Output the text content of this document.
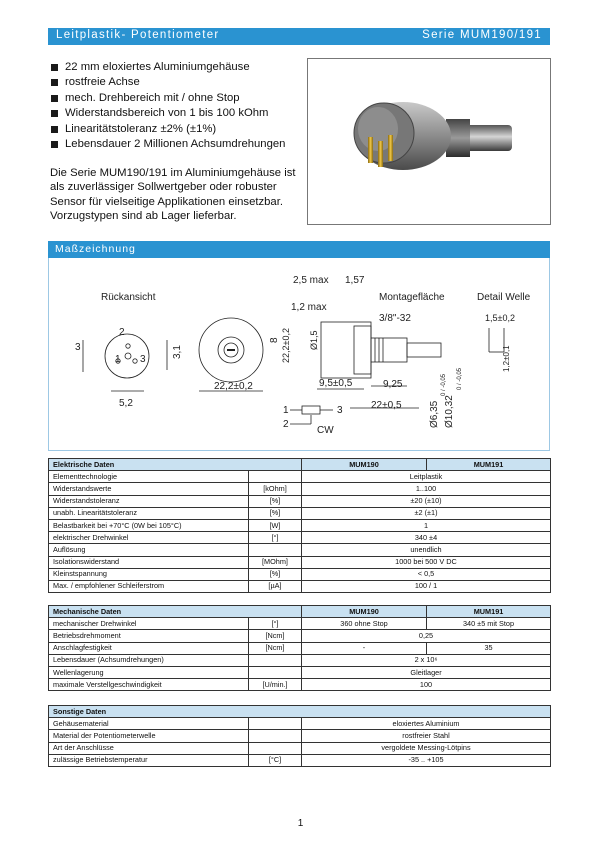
Leitplastik- Potentiometer	Serie MUM190/191
22 mm eloxiertes Aluminiumgehäuse
rostfreie Achse
mech. Drehbereich mit / ohne Stop
Widerstandsbereich von 1 bis 100 kOhm
Linearitätstoleranz ±2% (±1%)
Lebensdauer 2 Millionen Achsumdrehungen
Die Serie MUM190/191 im Aluminiumgehäuse ist als zuverlässiger Sollwertgeber oder robuster Sensor für vielseitige Applikationen einsetzbar. Vorzugstypen sind ab Lager lieferbar.
Maßzeichnung
Rückansicht
2
1 3
3
5,2
3,1
22,2±0,2
8 22,2±0,2
2,5 max 1,57
1,2 max
Ø1,5
Montagefläche
3/8"-32
9,5±0,5	9,25
22±0,5	Ø6,35
0 / -0,05
Ø10,32
0 / -0,05
Detail Welle
1,5±0,2
1,2±0,1
1
2
3
CW
Elektrische Daten		MUM190	MUM191
Elementtechnologie		Leitplastik	
Widerstandswerte	[kOhm]	1..100	
Widerstandstoleranz	[%]	±20 (±10)	
unabh. Linearitätstoleranz	[%]	±2 (±1)	
Belastbarkeit bei +70°C (0W bei 105°C)	[W]	1	
elektrischer Drehwinkel	[°]	340 ±4	
Auflösung		unendlich	
Isolationswiderstand	[MOhm]	1000 bei 500 V DC	
Kleinstspannung	[%]	< 0,5	
Max. / empfohlener Schleiferstrom	[µA]	100 / 1	
Mechanische Daten		MUM190	MUM191
mechanischer Drehwinkel	[°]	360 ohne Stop	340 ±5 mit Stop
Betriebsdrehmoment	[Ncm]	0,25	
Anschlagfestigkeit	[Ncm]	-	35
Lebensdauer (Achsumdrehungen)		2 x 10⁶	
Wellenlagerung		Gleitlager	
maximale Verstellgeschwindigkeit	[U/min.]	100	
Sonstige Daten		
Gehäusematerial		eloxiertes Aluminium
Material der Potentiometerwelle		rostfreier Stahl
Art der Anschlüsse		vergoldete Messing-Lötpins
zulässige Betriebstemperatur	[°C]	-35 .. +105
1
